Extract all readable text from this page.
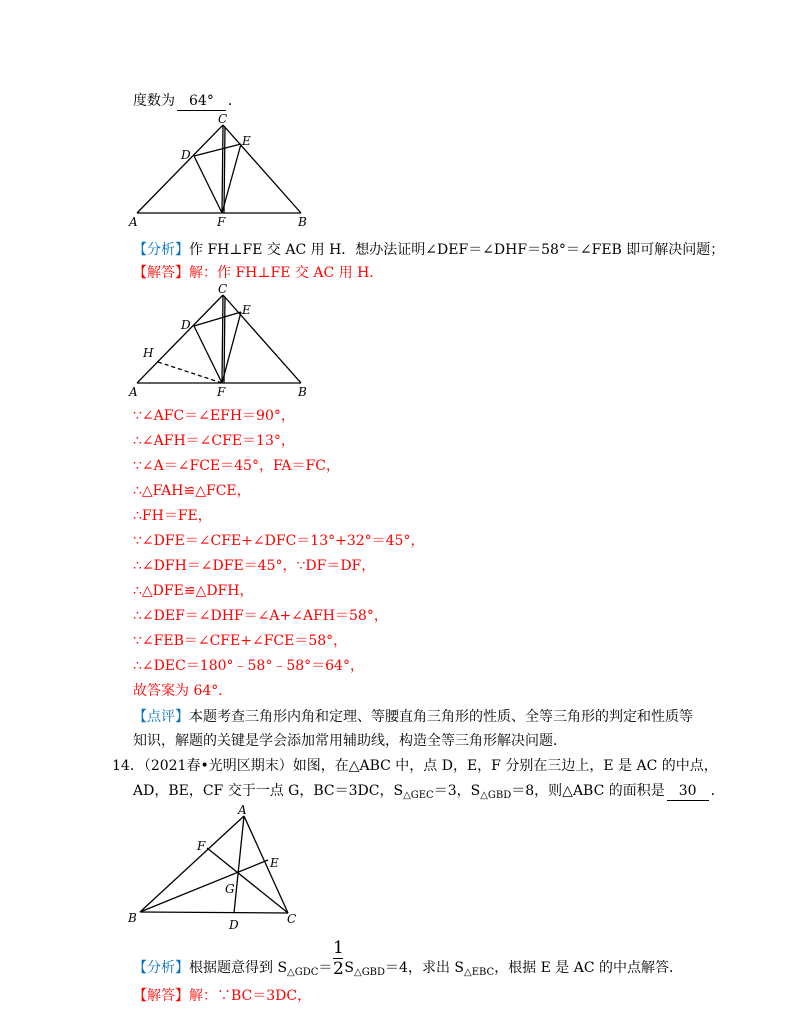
度数为 64° ．
C
D
E
A	F	B
【分析】作 FH⊥FE 交 AC 用 H．想办法证明∠DEF＝∠DHF＝58°＝∠FEB 即可解决问题；
【解答】解：作 FH⊥FE 交 AC 用 H．
C
D
E
H
A	F	B
∵∠AFC＝∠EFH＝90°，
∴∠AFH＝∠CFE＝13°，
∵∠A＝∠FCE＝45°，FA＝FC，
∴△FAH≌△FCE，
∴FH＝FE，
∵∠DFE＝∠CFE+∠DFC＝13°+32°＝45°，
∴∠DFH＝∠DFE＝45°，∵DF＝DF，
∴△DFE≌△DFH，
∴∠DEF＝∠DHF＝∠A+∠AFH＝58°，
∵∠FEB＝∠CFE+∠FCE＝58°，
∴∠DEC＝180°﹣58°﹣58°＝64°，
故答案为 64°．
【点评】本题考查三角形内角和定理、等腰直角三角形的性质、全等三角形的判定和性质等
知识，解题的关键是学会添加常用辅助线，构造全等三角形解决问题．
14．（2021春•光明区期末）如图，在△ABC 中，点 D，E，F 分别在三边上，E 是 AC 的中点，
AD，BE，CF 交于一点 G，BC＝3DC，$S_{\triangle GEC}=3$，$S_{\triangle GBD}=8$，则△ABC 的面积是 30 ．
A
F
E
G
B	D	C
【分析】根据题意得到 $S_{\triangle GDC}= \frac{1}{2} S_{\triangle GBD}=4$，求出 $S_{\triangle EBC}$，根据 E 是 AC 的中点解答．
【解答】解：∵BC＝3DC，
